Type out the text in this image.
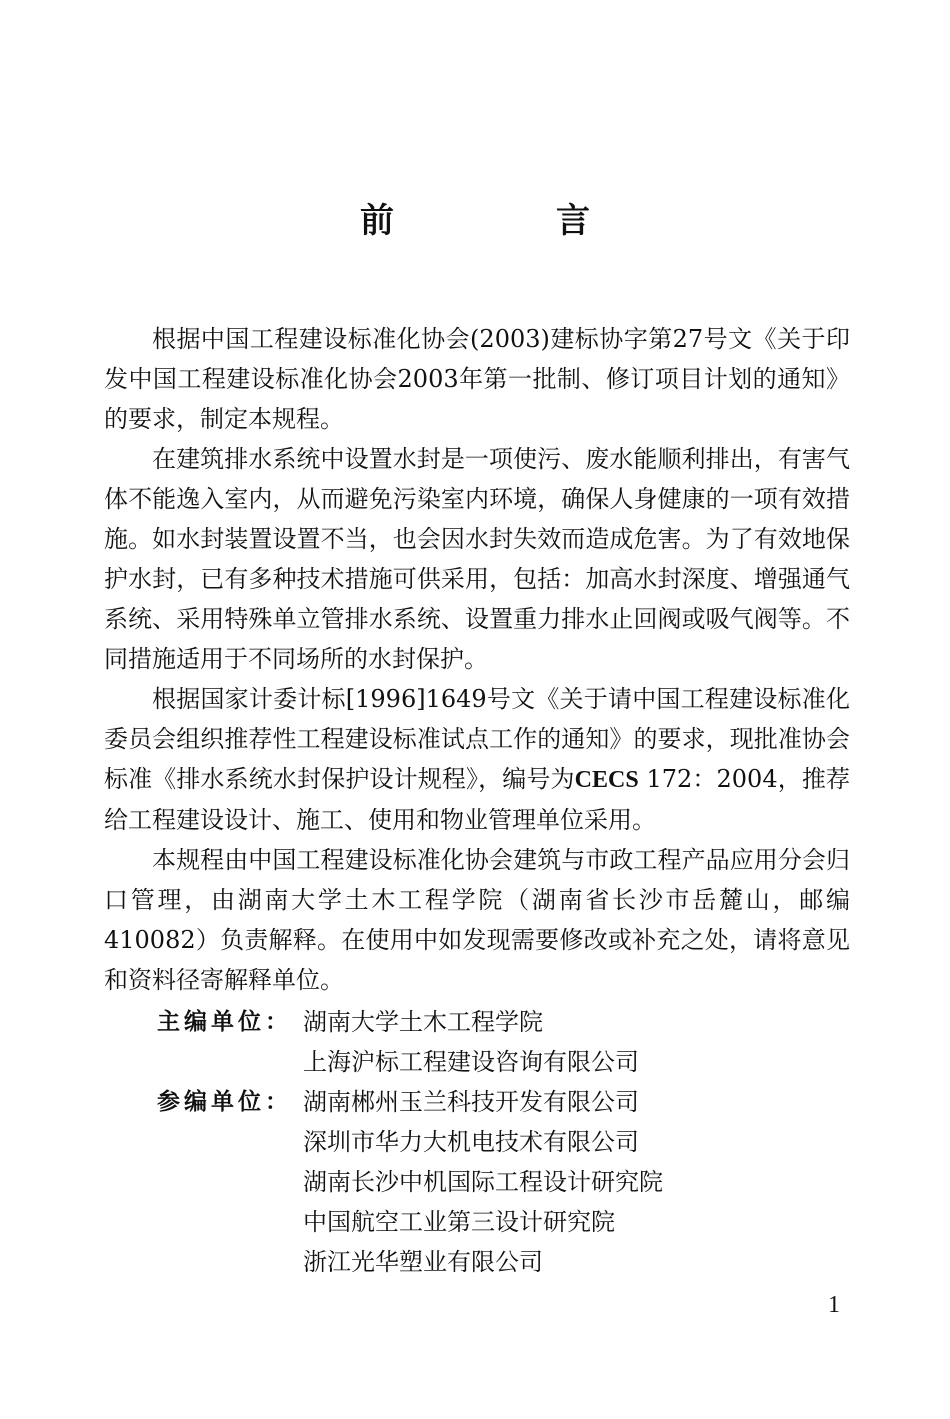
前　言

根据中国工程建设标准化协会(2003)建标协字第27号文《关于印发中国工程建设标准化协会2003年第一批制、修订项目计划的通知》的要求，制定本规程。

在建筑排水系统中设置水封是一项使污、废水能顺利排出，有害气体不能逸入室内，从而避免污染室内环境，确保人身健康的一项有效措施。如水封装置设置不当，也会因水封失效而造成危害。为了有效地保护水封，已有多种技术措施可供采用，包括：加高水封深度、增强通气系统、采用特殊单立管排水系统、设置重力排水止回阀或吸气阀等。不同措施适用于不同场所的水封保护。

根据国家计委计标[1996]1649号文《关于请中国工程建设标准化委员会组织推荐性工程建设标准试点工作的通知》的要求，现批准协会标准《排水系统水封保护设计规程》，编号为CECS 172：2004，推荐给工程建设设计、施工、使用和物业管理单位采用。

本规程由中国工程建设标准化协会建筑与市政工程产品应用分会归口管理，由湖南大学土木工程学院（湖南省长沙市岳麓山，邮编410082）负责解释。在使用中如发现需要修改或补充之处，请将意见和资料径寄解释单位。

主编单位： 湖南大学土木工程学院
上海沪标工程建设咨询有限公司
参编单位： 湖南郴州玉兰科技开发有限公司
深圳市华力大机电技术有限公司
湖南长沙中机国际工程设计研究院
中国航空工业第三设计研究院
浙江光华塑业有限公司
1
